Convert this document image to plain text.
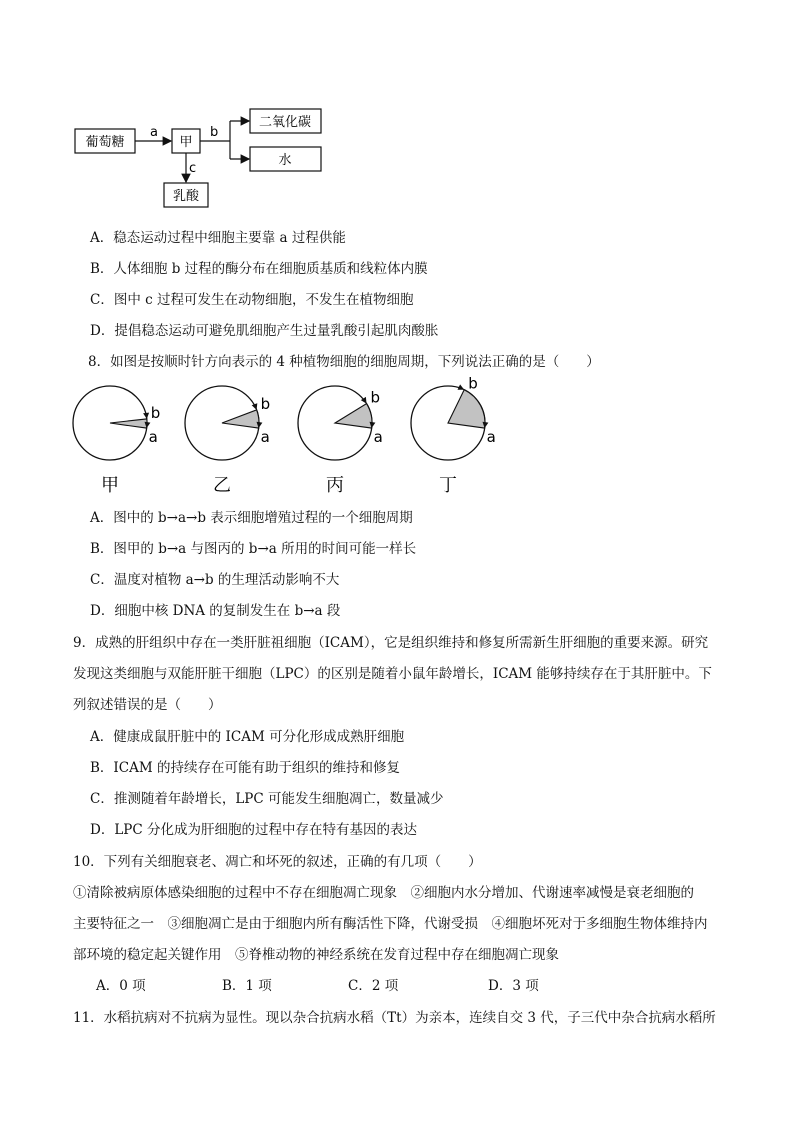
葡萄糖	甲
二氧化碳
水
乳酸
a	b
c
A．稳态运动过程中细胞主要靠 a 过程供能
B．人体细胞 b 过程的酶分布在细胞质基质和线粒体内膜
C．图中 c 过程可发生在动物细胞，不发生在植物细胞
D．提倡稳态运动可避免肌细胞产生过量乳酸引起肌肉酸胀
8．如图是按顺时针方向表示的 4 种植物细胞的细胞周期，下列说法正确的是（　　）
b
a
甲
b
a
乙
b
a
丙
b
a
丁
A．图中的 b→a→b 表示细胞增殖过程的一个细胞周期
B．图甲的 b→a 与图丙的 b→a 所用的时间可能一样长
C．温度对植物 a→b 的生理活动影响不大
D．细胞中核 DNA 的复制发生在 b→a 段
9．成熟的肝组织中存在一类肝脏祖细胞（ICAM），它是组织维持和修复所需新生肝细胞的重要来源。研究
发现这类细胞与双能肝脏干细胞（LPC）的区别是随着小鼠年龄增长，ICAM 能够持续存在于其肝脏中。下
列叙述错误的是（　　）
A．健康成鼠肝脏中的 ICAM 可分化形成成熟肝细胞
B．ICAM 的持续存在可能有助于组织的维持和修复
C．推测随着年龄增长，LPC 可能发生细胞凋亡，数量减少
D．LPC 分化成为肝细胞的过程中存在特有基因的表达
10．下列有关细胞衰老、凋亡和坏死的叙述，正确的有几项（　　）
①清除被病原体感染细胞的过程中不存在细胞凋亡现象　②细胞内水分增加、代谢速率减慢是衰老细胞的
主要特征之一　③细胞凋亡是由于细胞内所有酶活性下降，代谢受损　④细胞坏死对于多细胞生物体维持内
部环境的稳定起关键作用　⑤脊椎动物的神经系统在发育过程中存在细胞凋亡现象
A．0 项	B．1 项	C．2 项	D．3 项
11．水稻抗病对不抗病为显性。现以杂合抗病水稻（Tt）为亲本，连续自交 3 代，子三代中杂合抗病水稻所
